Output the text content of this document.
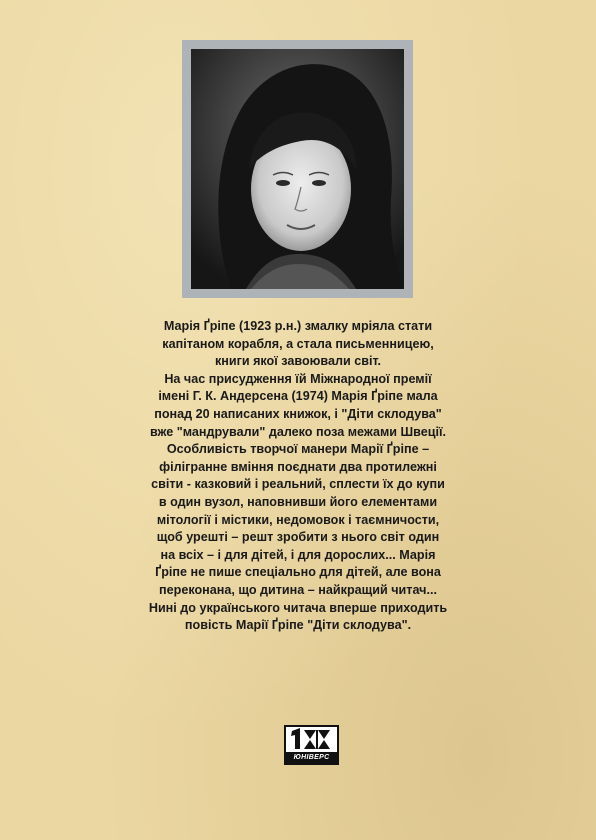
Марія Ґріпе (1923 р.н.) змалку мріяла стати
капітаном корабля, а стала письменницею,
книги якої завоювали світ.
На час присудження їй Міжнародної премії
імені Г. К. Андерсена (1974) Марія Ґріпе мала
понад 20 написаних книжок, і "Діти склодува"
вже "мандрували" далеко поза межами Швеції.
Особливість творчої манери Марії Ґріпе –
філігранне вміння поєднати два протилежні
світи - казковий і реальний, сплести їх до купи
в один вузол, наповнивши його елементами
мітології і містики, недомовок і таємничости,
щоб урешті – решт зробити з нього світ один
на всіх – і для дітей, і для дорослих... Марія
Ґріпе не пише спеціально для дітей, але вона
переконана, що дитина – найкращий читач...
Нині до українського читача вперше приходить
повість Марії Ґріпе "Діти склодува".
ЮНІВЕРС
